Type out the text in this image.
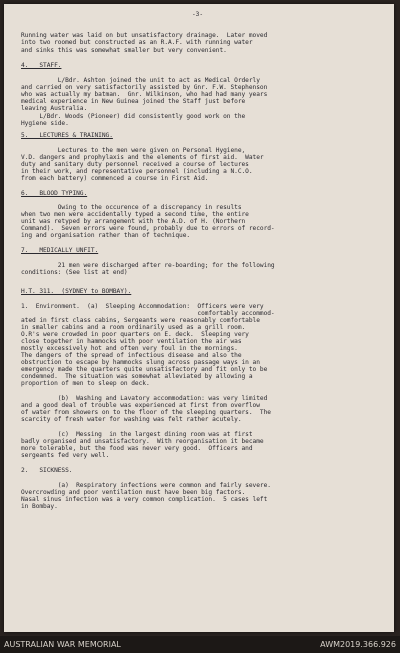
-3-
Running water was laid on but unsatisfactory drainage.  Later moved
into two roomed but constructed as an R.A.F. with running water
and sinks this was somewhat smaller but very convenient.
4.   STAFF.
L/Bdr. Ashton joined the unit to act as Medical Orderly
and carried on very satisfactorily assisted by Gnr. F.W. Stephenson
who was actually my batman.  Gnr. Wilkinson, who had had many years
medical experience in New Guinea joined the Staff just before
leaving Australia.
L/Bdr. Woods (Pioneer) did consistently good work on the
Hygiene side.
5.   LECTURES & TRAINING.
Lectures to the men were given on Personal Hygiene,
V.D. dangers and prophylaxis and the elements of first aid.  Water
duty and sanitary duty personnel received a course of lectures
in their work, and representative personnel (including a N.C.O.
from each battery) commenced a course in First Aid.
6.   BLOOD TYPING.
Owing to the occurence of a discrepancy in results
when two men were accidentally typed a second time, the entire
unit was retyped by arrangement with the A.D. of H. (Northern
Command).  Seven errors were found, probably due to errors of record-
ing and organisation rather than of technique.
7.   MEDICALLY UNFIT.
21 men were discharged after re-boarding; for the following
conditions: (See list at end)
H.T. 311.  (SYDNEY to BOMBAY).
1.  Environment.  (a)  Sleeping Accommodation:  Officers were very
comfortably accommod-
ated in first class cabins, Sergeants were reasonably comfortable
in smaller cabins and a room ordinarily used as a grill room.
O.R's were crowded in poor quarters on E. deck.  Sleeping very
close together in hammocks with poor ventilation the air was
mostly excessively hot and often very foul in the mornings.
The dangers of the spread of infectious disease and also the
obstruction to escape by hammocks slung across passage ways in an
emergency made the quarters quite unsatisfactory and fit only to be
condemned.  The situation was somewhat alleviated by allowing a
proportion of men to sleep on deck.
(b)  Washing and Lavatory accommodation: was very limited
and a good deal of trouble was experienced at first from overflow
of water from showers on to the floor of the sleeping quarters.  The
scarcity of fresh water for washing was felt rather acutely.
(c)  Messing  in the largest dining room was at first
badly organised and unsatisfactory.  With reorganisation it became
more tolerable, but the food was never very good.  Officers and
sergeants fed very well.
2.   SICKNESS.
(a)  Respiratory infections were common and fairly severe.
Overcrowding and poor ventilation must have been big factors.
Nasal sinus infection was a very common complication.  5 cases left
in Bombay.
AUSTRALIAN WAR MEMORIAL	AWM2019.366.926
